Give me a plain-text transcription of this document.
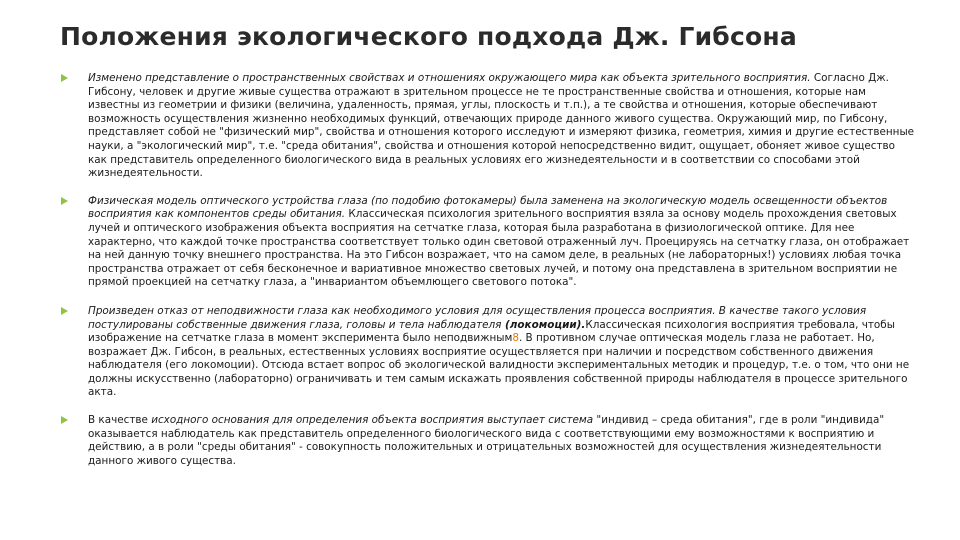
Положения экологического подхода Дж. Гибсона
Изменено представление о пространственных свойствах и отношениях окружающего мира как объекта зрительного восприятия. Согласно Дж. Гибсону, человек и другие живые существа отражают в зрительном процессе не те пространственные свойства и отношения, которые нам известны из геометрии и физики (величина, удаленность, прямая, углы, плоскость и т.п.), а те свойства и отношения, которые обеспечивают возможность осуществления жизненно необходимых функций, отвечающих природе данного живого существа. Окружающий мир, по Гибсону, представляет собой не "физический мир", свойства и отношения которого исследуют и измеряют физика, геометрия, химия и другие естественные науки, а "экологический мир", т.е. "среда обитания", свойства и отношения которой непосредственно видит, ощущает, обоняет живое существо как представитель определенного биологического вида в реальных условиях его жизнедеятельности и в соответствии со способами этой жизнедеятельности.
Физическая модель оптического устройства глаза (по подобию фотокамеры) была заменена на экологическую модель освещенности объектов восприятия как компонентов среды обитания. Классическая психология зрительного восприятия взяла за основу модель прохождения световых лучей и оптического изображения объекта восприятия на сетчатке глаза, которая была разработана в физиологической оптике. Для нее характерно, что каждой точке пространства соответствует только один световой отраженный луч. Проецируясь на сетчатку глаза, он отображает на ней данную точку внешнего пространства. На это Гибсон возражает, что на самом деле, в реальных (не лабораторных!) условиях любая точка пространства отражает от себя бесконечное и вариативное множество световых лучей, и потому она представлена в зрительном восприятии не прямой проекцией на сетчатку глаза, а "инвариантом объемлющего светового потока".
Произведен отказ от неподвижности глаза как необходимого условия для осуществления процесса восприятия. В качестве такого условия постулированы собственные движения глаза, головы и тела наблюдателя (локомоции).Классическая психология восприятия требовала, чтобы изображение на сетчатке глаза в момент эксперимента было неподвижным8. В противном случае оптическая модель глаза не работает. Но, возражает Дж. Гибсон, в реальных, естественных условиях восприятие осуществляется при наличии и посредством собственного движения наблюдателя (его локомоции). Отсюда встает вопрос об экологической валидности экспериментальных методик и процедур, т.е. о том, что они не должны искусственно (лабораторно) ограничивать и тем самым искажать проявления собственной природы наблюдателя в процессе зрительного акта.
В качестве исходного основания для определения объекта восприятия выступает система "индивид – среда обитания", где в роли "индивида" оказывается наблюдатель как представитель определенного биологического вида с соответствующими ему возможностями к восприятию и действию, а в роли "среды обитания" - совокупность положительных и отрицательных возможностей для осуществления жизнедеятельности данного живого существа.
